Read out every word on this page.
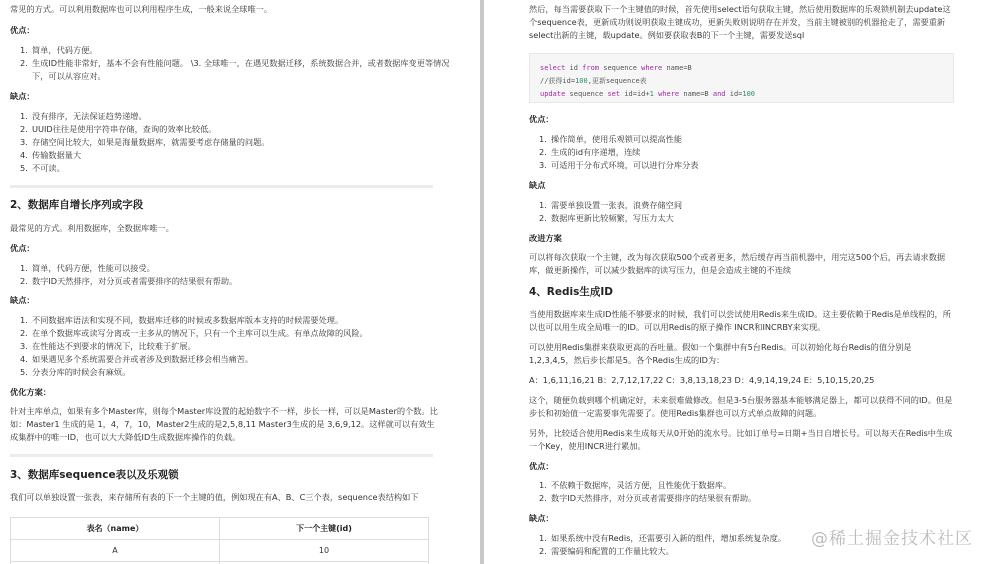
常见的方式。可以利用数据库也可以利用程序生成，一般来说全球唯一。

优点：

1. 简单，代码方便。
2. 生成ID性能非常好，基本不会有性能问题。 \3. 全球唯一，在遇见数据迁移，系统数据合并，或者数据库变更等情况下，可以从容应对。

缺点：

1. 没有排序，无法保证趋势递增。
2. UUID往往是使用字符串存储，查询的效率比较低。
3. 存储空间比较大，如果是海量数据库，就需要考虑存储量的问题。
4. 传输数据量大
5. 不可读。
2、数据库自增长序列或字段

最常见的方式。利用数据库，全数据库唯一。

优点：

1. 简单，代码方便，性能可以接受。
2. 数字ID天然排序，对分页或者需要排序的结果很有帮助。

缺点：

1. 不同数据库语法和实现不同，数据库迁移的时候或多数据库版本支持的时候需要处理。
2. 在单个数据库或读写分离或一主多从的情况下，只有一个主库可以生成。有单点故障的风险。
3. 在性能达不到要求的情况下，比较难于扩展。
4. 如果遇见多个系统需要合并或者涉及到数据迁移会相当痛苦。
5. 分表分库的时候会有麻烦。

优化方案：

针对主库单点，如果有多个Master库，则每个Master库设置的起始数字不一样，步长一样，可以是Master的个数。比如：Master1 生成的是 1，4，7，10，Master2生成的是2,5,8,11 Master3生成的是 3,6,9,12。这样就可以有效生成集群中的唯一ID，也可以大大降低ID生成数据库操作的负载。

3、数据库sequence表以及乐观锁

我们可以单独设置一张表，来存储所有表的下一个主键的值，例如现在有A、B、C三个表，sequence表结构如下

表名（name）	下一个主键(id)
A	10

然后，每当需要获取下一个主键值的时候，首先使用select语句获取主键，然后使用数据库的乐观锁机制去update这个sequence表，更新成功则说明获取主键成功，更新失败则说明存在并发，当前主键被别的机器抢走了，需要重新select出新的主键，载update。例如要获取表B的下一个主键，需要发送sql

select id from sequence where name=B
//获得id=100,更新sequence表
update sequence set id=id+1 where name=B and id=100

优点：

1. 操作简单，使用乐观锁可以提高性能
2. 生成的id有序递增，连续
3. 可适用于分布式环境，可以进行分库分表

缺点

1. 需要单独设置一张表，浪费存储空间
2. 数据库更新比较频繁，写压力太大

改进方案

可以将每次获取一个主键，改为每次获取500个或者更多，然后缓存再当前机器中，用完这500个后，再去请求数据库，做更新操作，可以减少数据库的读写压力，但是会造成主键的不连续

4、Redis生成ID

当使用数据库来生成ID性能不够要求的时候，我们可以尝试使用Redis来生成ID。这主要依赖于Redis是单线程的，所以也可以用生成全局唯一的ID。可以用Redis的原子操作 INCR和INCRBY来实现。

可以使用Redis集群来获取更高的吞吐量。假如一个集群中有5台Redis。可以初始化每台Redis的值分别是1,2,3,4,5，然后步长都是5。各个Redis生成的ID为：

A：1,6,11,16,21 B：2,7,12,17,22 C：3,8,13,18,23 D：4,9,14,19,24 E：5,10,15,20,25

这个，随便负载到哪个机确定好，未来很难做修改。但是3-5台服务器基本能够满足器上，都可以获得不同的ID。但是步长和初始值一定需要事先需要了。使用Redis集群也可以方式单点故障的问题。

另外，比较适合使用Redis来生成每天从0开始的流水号。比如订单号=日期+当日自增长号。可以每天在Redis中生成一个Key，使用INCR进行累加。

优点：

1. 不依赖于数据库，灵活方便，且性能优于数据库。
2. 数字ID天然排序，对分页或者需要排序的结果很有帮助。

缺点：

1. 如果系统中没有Redis，还需要引入新的组件，增加系统复杂度。
2. 需要编码和配置的工作量比较大。
@稀土掘金技术社区
